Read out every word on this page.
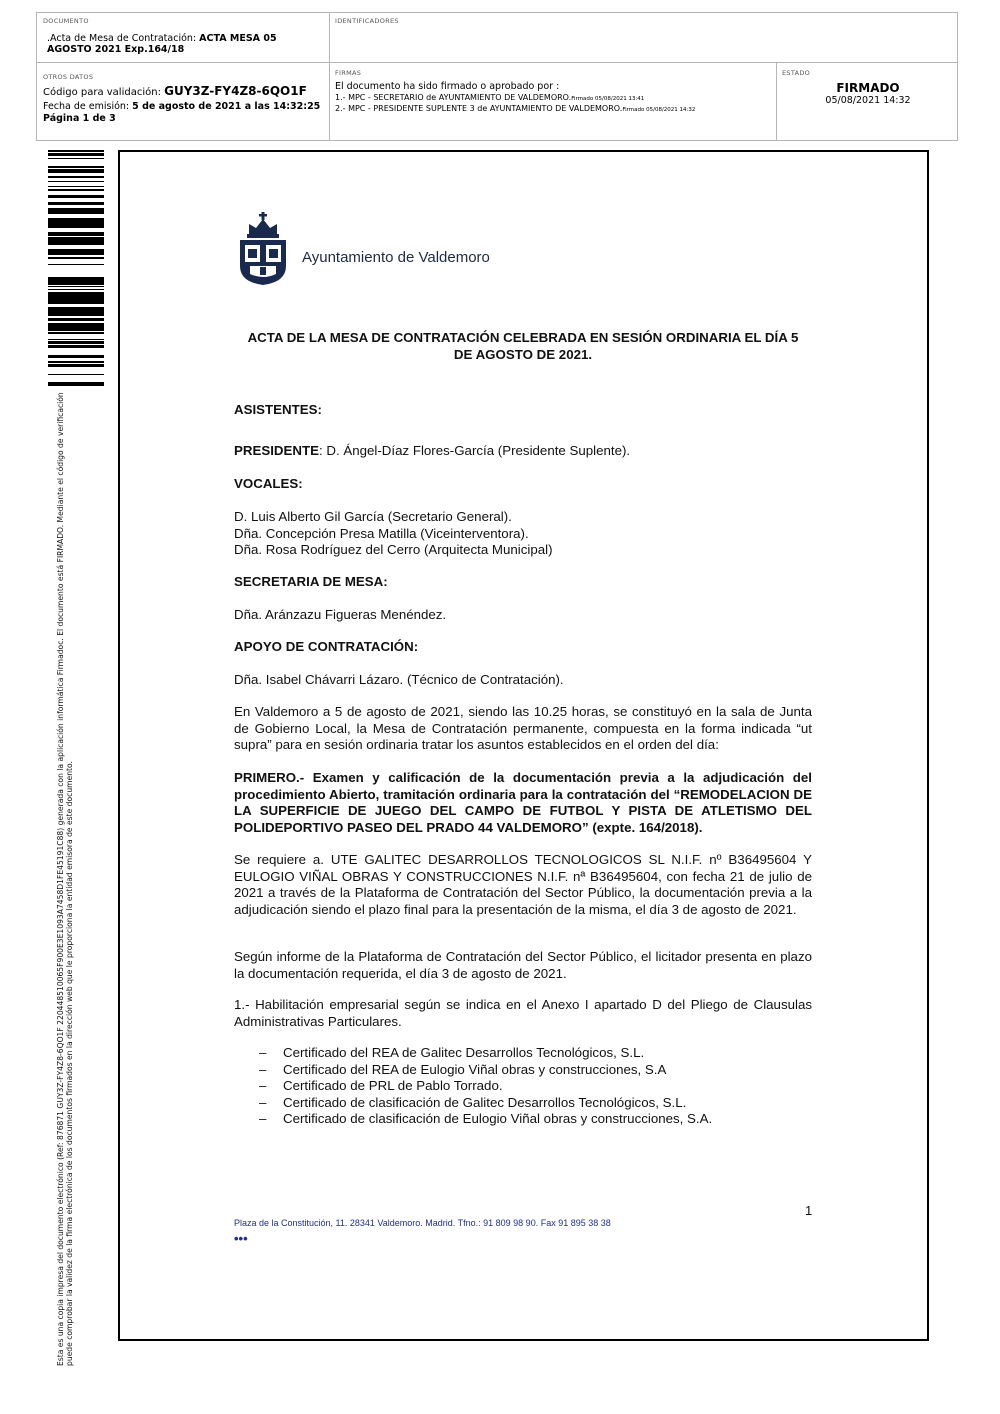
DOCUMENTO
.Acta de Mesa de Contratación: ACTA MESA 05 AGOSTO 2021 Exp.164/18
IDENTIFICADORES
OTROS DATOS
Código para validación: GUY3Z-FY4Z8-6QO1F
Fecha de emisión: 5 de agosto de 2021 a las 14:32:25
Página 1 de 3
FIRMAS
El documento ha sido firmado o aprobado por :
1.- MPC - SECRETARIO de AYUNTAMIENTO DE VALDEMORO.Firmado 05/08/2021 13:41
2.- MPC - PRESIDENTE SUPLENTE 3 de AYUNTAMIENTO DE VALDEMORO.Firmado 05/08/2021 14:32
ESTADO
FIRMADO
05/08/2021 14:32
Esta es una copia impresa del documento electrónico (Ref: 876871 GUY3Z-FY4Z8-6QO1F 220448510065F900E3E1093A7458D1FE45191C88) generada con la aplicación informática Firmadoc. El documento está FIRMADO. Mediante el código de verificación puede comprobar la validez de la firma electrónica de los documentos firmados en la dirección web que le proporciona la entidad emisora de este documento.
Ayuntamiento de Valdemoro
ACTA DE LA MESA DE CONTRATACIÓN CELEBRADA EN SESIÓN ORDINARIA EL DÍA 5
DE AGOSTO DE 2021.
ASISTENTES:
PRESIDENTE: D. Ángel-Díaz Flores-García (Presidente Suplente).
VOCALES:
D. Luis Alberto Gil García (Secretario General).
Dña. Concepción Presa Matilla (Viceinterventora).
Dña. Rosa Rodríguez del Cerro (Arquitecta Municipal)
SECRETARIA DE MESA:
Dña. Aránzazu Figueras Menéndez.
APOYO DE CONTRATACIÓN:
Dña. Isabel Chávarri Lázaro. (Técnico de Contratación).
En Valdemoro a 5 de agosto de 2021, siendo las 10.25 horas, se constituyó en la sala de Junta de Gobierno Local, la Mesa de Contratación permanente, compuesta en la forma indicada “ut supra” para en sesión ordinaria tratar los asuntos establecidos en el orden del día:
PRIMERO.- Examen y calificación de la documentación previa a la adjudicación del procedimiento Abierto, tramitación ordinaria para la contratación del “REMODELACION DE LA SUPERFICIE DE JUEGO DEL CAMPO DE FUTBOL Y PISTA DE ATLETISMO DEL POLIDEPORTIVO PASEO DEL PRADO 44 VALDEMORO” (expte. 164/2018).
Se requiere a. UTE GALITEC DESARROLLOS TECNOLOGICOS SL N.I.F. nº B36495604 Y EULOGIO VIÑAL OBRAS Y CONSTRUCCIONES N.I.F. nª B36495604, con fecha 21 de julio de 2021 a través de la Plataforma de Contratación del Sector Público, la documentación previa a la adjudicación siendo el plazo final para la presentación de la misma, el día 3 de agosto de 2021.
Según informe de la Plataforma de Contratación del Sector Público, el licitador presenta en plazo la documentación requerida, el día 3 de agosto de 2021.
1.- Habilitación empresarial según se indica en el Anexo I apartado D del Pliego de Clausulas Administrativas Particulares.
– Certificado del REA de Galitec Desarrollos Tecnológicos, S.L.
– Certificado del REA de Eulogio Viñal obras y construcciones, S.A
– Certificado de PRL de Pablo Torrado.
– Certificado de clasificación de Galitec Desarrollos Tecnológicos, S.L.
– Certificado de clasificación de Eulogio Viñal obras y construcciones, S.A.
1
Plaza de la Constitución, 11. 28341 Valdemoro. Madrid. Tfno.: 91 809 98 90. Fax 91 895 38 38
•••
